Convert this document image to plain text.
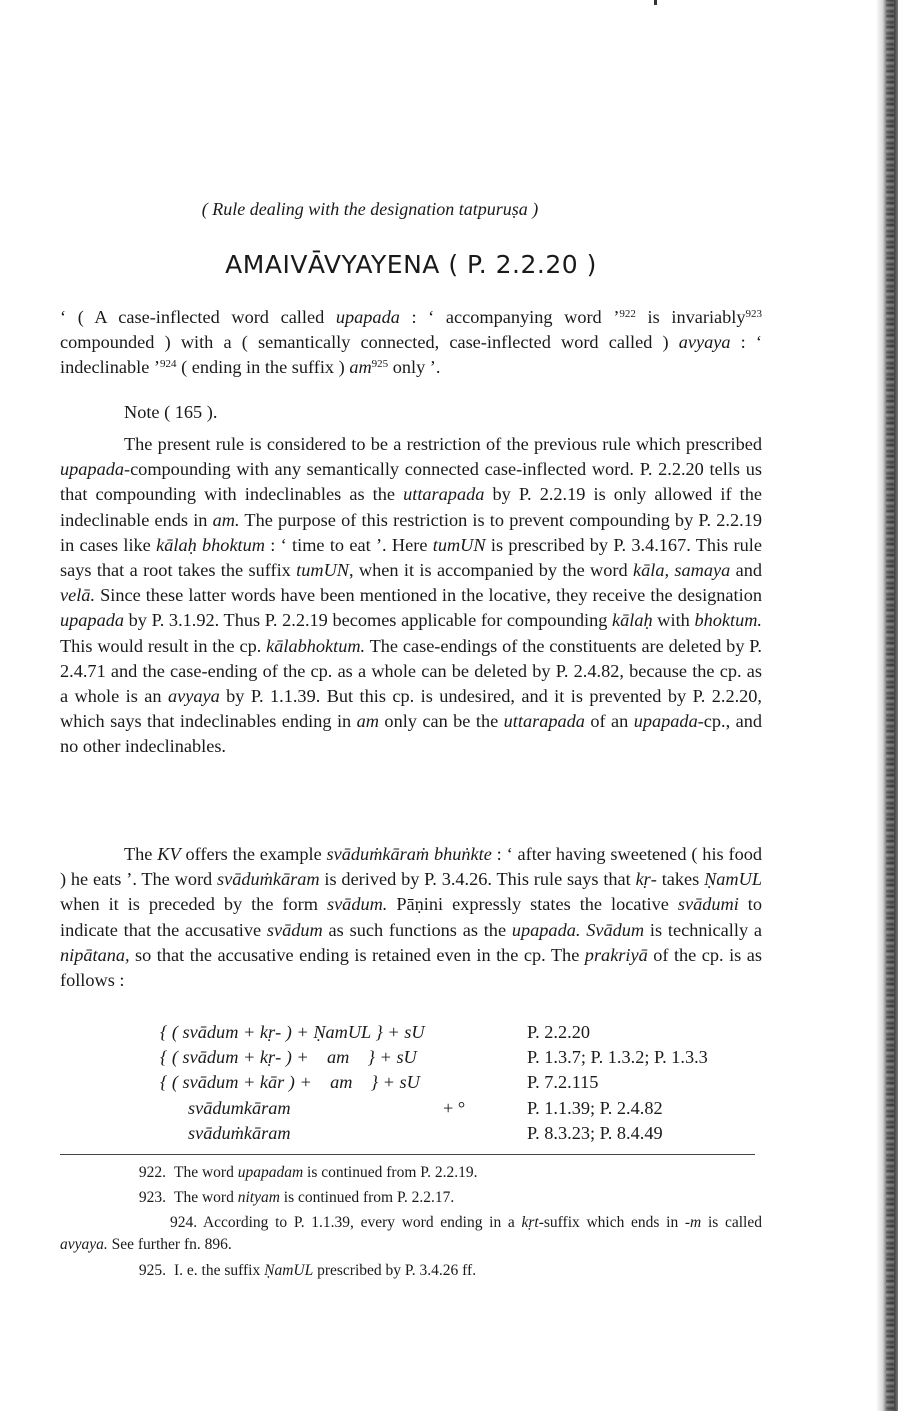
( Rule dealing with the designation tatpuruṣa )
AMAIVĀVYAYENA ( P. 2.2.20 )

‘ ( A case-inflected word called upapada : ‘ accompanying word ’$^{922}$ is invariably$^{923}$ compounded ) with a ( semantically connected, case-inflected word called ) avyaya : ‘ indeclinable ’$^{924}$ ( ending in the suffix ) $am^{925}$ only ’.

Note ( 165 ).

The present rule is considered to be a restriction of the previous rule which prescribed upapada-compounding with any semantically connected case-inflected word. P. 2.2.20 tells us that compounding with indeclinables as the uttarapada by P. 2.2.19 is only allowed if the indeclinable ends in am. The purpose of this restriction is to prevent compounding by P. 2.2.19 in cases like kālaḥ bhoktum : ‘ time to eat ’. Here tumUN is prescribed by P. 3.4.167. This rule says that a root takes the suffix tumUN, when it is accompanied by the word kāla, samaya and velā. Since these latter words have been mentioned in the locative, they receive the designation upapada by P. 3.1.92. Thus P. 2.2.19 becomes applicable for compounding kālaḥ with bhoktum. This would result in the cp. kālabhoktum. The case-endings of the constituents are deleted by P. 2.4.71 and the case-ending of the cp. as a whole can be deleted by P. 2.4.82, because the cp. as a whole is an avyaya by P. 1.1.39. But this cp. is undesired, and it is prevented by P. 2.2.20, which says that indeclinables ending in am only can be the uttarapada of an upapada-cp., and no other indeclinables.

The KV offers the example svāduṁkāraṁ bhuṅkte : ‘ after having sweetened ( his food ) he eats ’. The word svāduṁkāram is derived by P. 3.4.26. This rule says that kṛ- takes ṆamUL when it is preceded by the form svādum. Pāṇini expressly states the locative svādumi to indicate that the accusative svādum as such functions as the upapada. Svādum is technically a nipātana, so that the accusative ending is retained even in the cp. The prakriyā of the cp. is as follows :

{ ( svādum + kṛ- ) + ṆamUL } + sU	P. 2.2.20
{ ( svādum + kṛ- ) +    am    } + sU	P. 1.3.7; P. 1.3.2; P. 1.3.3
{ ( svādum + kār ) +    am    } + sU	P. 7.2.115
svādumkāram	+ °	P. 1.1.39; P. 2.4.82
svāduṁkāram	P. 8.3.23; P. 8.4.49
922. The word upapadam is continued from P. 2.2.19.
923. The word nityam is continued from P. 2.2.17.
924. According to P. 1.1.39, every word ending in a kṛt-suffix which ends in -m is called avyaya. See further fn. 896.
925. I. e. the suffix ṆamUL prescribed by P. 3.4.26 ff.
